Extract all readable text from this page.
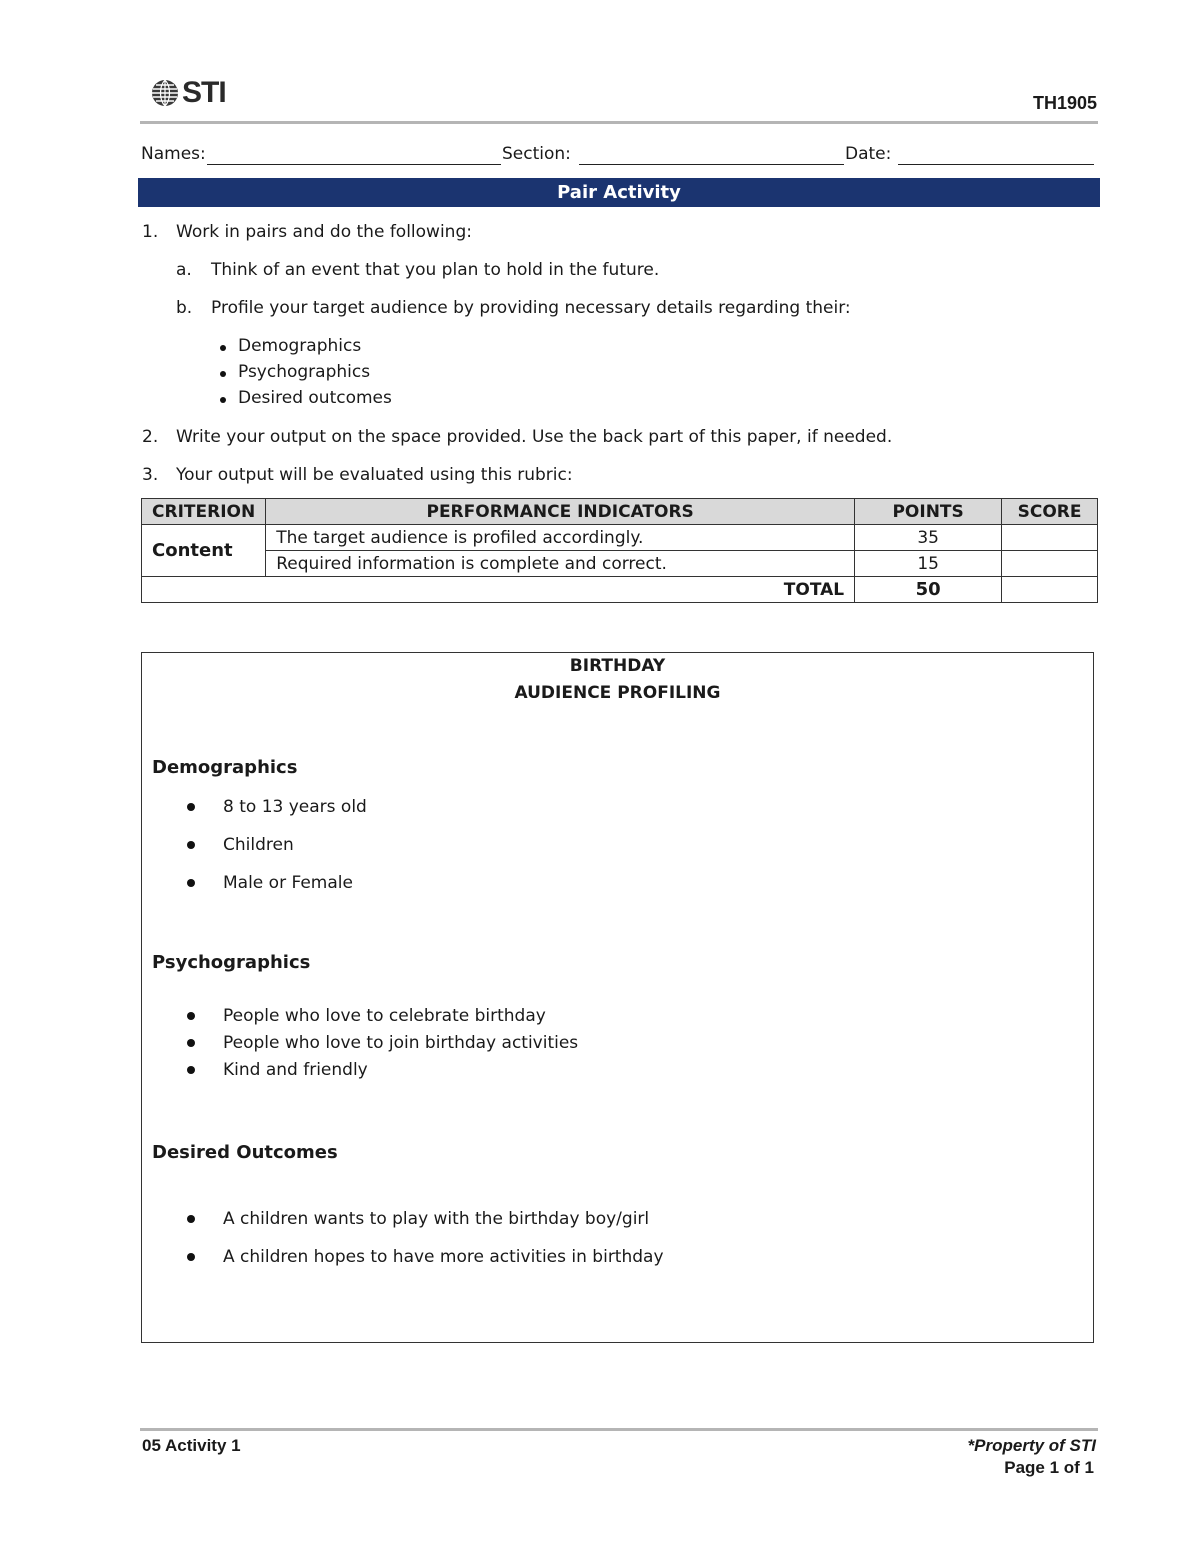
STI	TH1905
Names:	Section:	Date:
Pair Activity
1. Work in pairs and do the following:
a. Think of an event that you plan to hold in the future.
b. Profile your target audience by providing necessary details regarding their:
Demographics
Psychographics
Desired outcomes
2. Write your output on the space provided. Use the back part of this paper, if needed.
3. Your output will be evaluated using this rubric:
CRITERION	PERFORMANCE INDICATORS	POINTS	SCORE
Content	The target audience is profiled accordingly.	35	
	Required information is complete and correct.	15	
TOTAL		50	
BIRTHDAY
AUDIENCE PROFILING
Demographics
8 to 13 years old
Children
Male or Female
Psychographics
People who love to celebrate birthday
People who love to join birthday activities
Kind and friendly
Desired Outcomes
A children wants to play with the birthday boy/girl
A children hopes to have more activities in birthday
05 Activity 1	*Property of STI
Page 1 of 1
